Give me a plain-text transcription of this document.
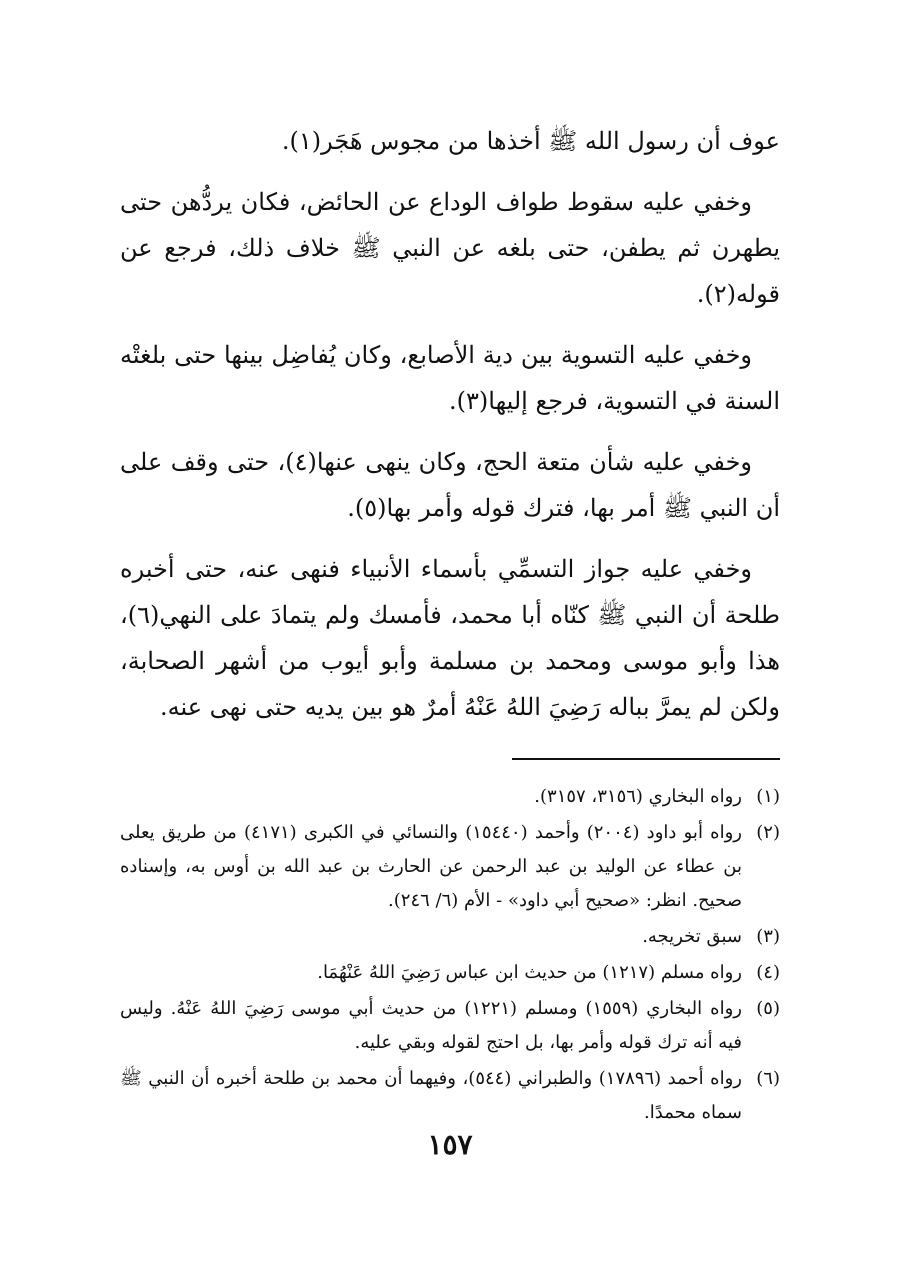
عوف أن رسول الله ﷺ أخذها من مجوس هَجَر(١).

وخفي عليه سقوط طواف الوداع عن الحائض، فكان يردُّهن حتى يطهرن ثم يطفن، حتى بلغه عن النبي ﷺ خلاف ذلك، فرجع عن قوله(٢).

وخفي عليه التسوية بين دية الأصابع، وكان يُفاضِل بينها حتى بلغتْه السنة في التسوية، فرجع إليها(٣).

وخفي عليه شأن متعة الحج، وكان ينهى عنها(٤)، حتى وقف على أن النبي ﷺ أمر بها، فترك قوله وأمر بها(٥).

وخفي عليه جواز التسمِّي بأسماء الأنبياء فنهى عنه، حتى أخبره طلحة أن النبي ﷺ كنّاه أبا محمد، فأمسك ولم يتمادَ على النهي(٦)، هذا وأبو موسى ومحمد بن مسلمة وأبو أيوب من أشهر الصحابة، ولكن لم يمرَّ بباله رَضِيَ اللهُ عَنْهُ أمرٌ هو بين يديه حتى نهى عنه.

(١)
رواه البخاري (٣١٥٦، ٣١٥٧).
(٢)
رواه أبو داود (٢٠٠٤) وأحمد (١٥٤٤٠) والنسائي في الكبرى (٤١٧١) من طريق يعلى بن عطاء عن الوليد بن عبد الرحمن عن الحارث بن عبد الله بن أوس به، وإسناده صحيح. انظر: «صحيح أبي داود» - الأم (٦/ ٢٤٦).
(٣)
سبق تخريجه.
(٤)
رواه مسلم (١٢١٧) من حديث ابن عباس رَضِيَ اللهُ عَنْهُمَا.
(٥)
رواه البخاري (١٥٥٩) ومسلم (١٢٢١) من حديث أبي موسى رَضِيَ اللهُ عَنْهُ. وليس فيه أنه ترك قوله وأمر بها، بل احتج لقوله وبقي عليه.
(٦)
رواه أحمد (١٧٨٩٦) والطبراني (٥٤٤)، وفيهما أن محمد بن طلحة أخبره أن النبي ﷺ سماه محمدًا.
١٥٧
